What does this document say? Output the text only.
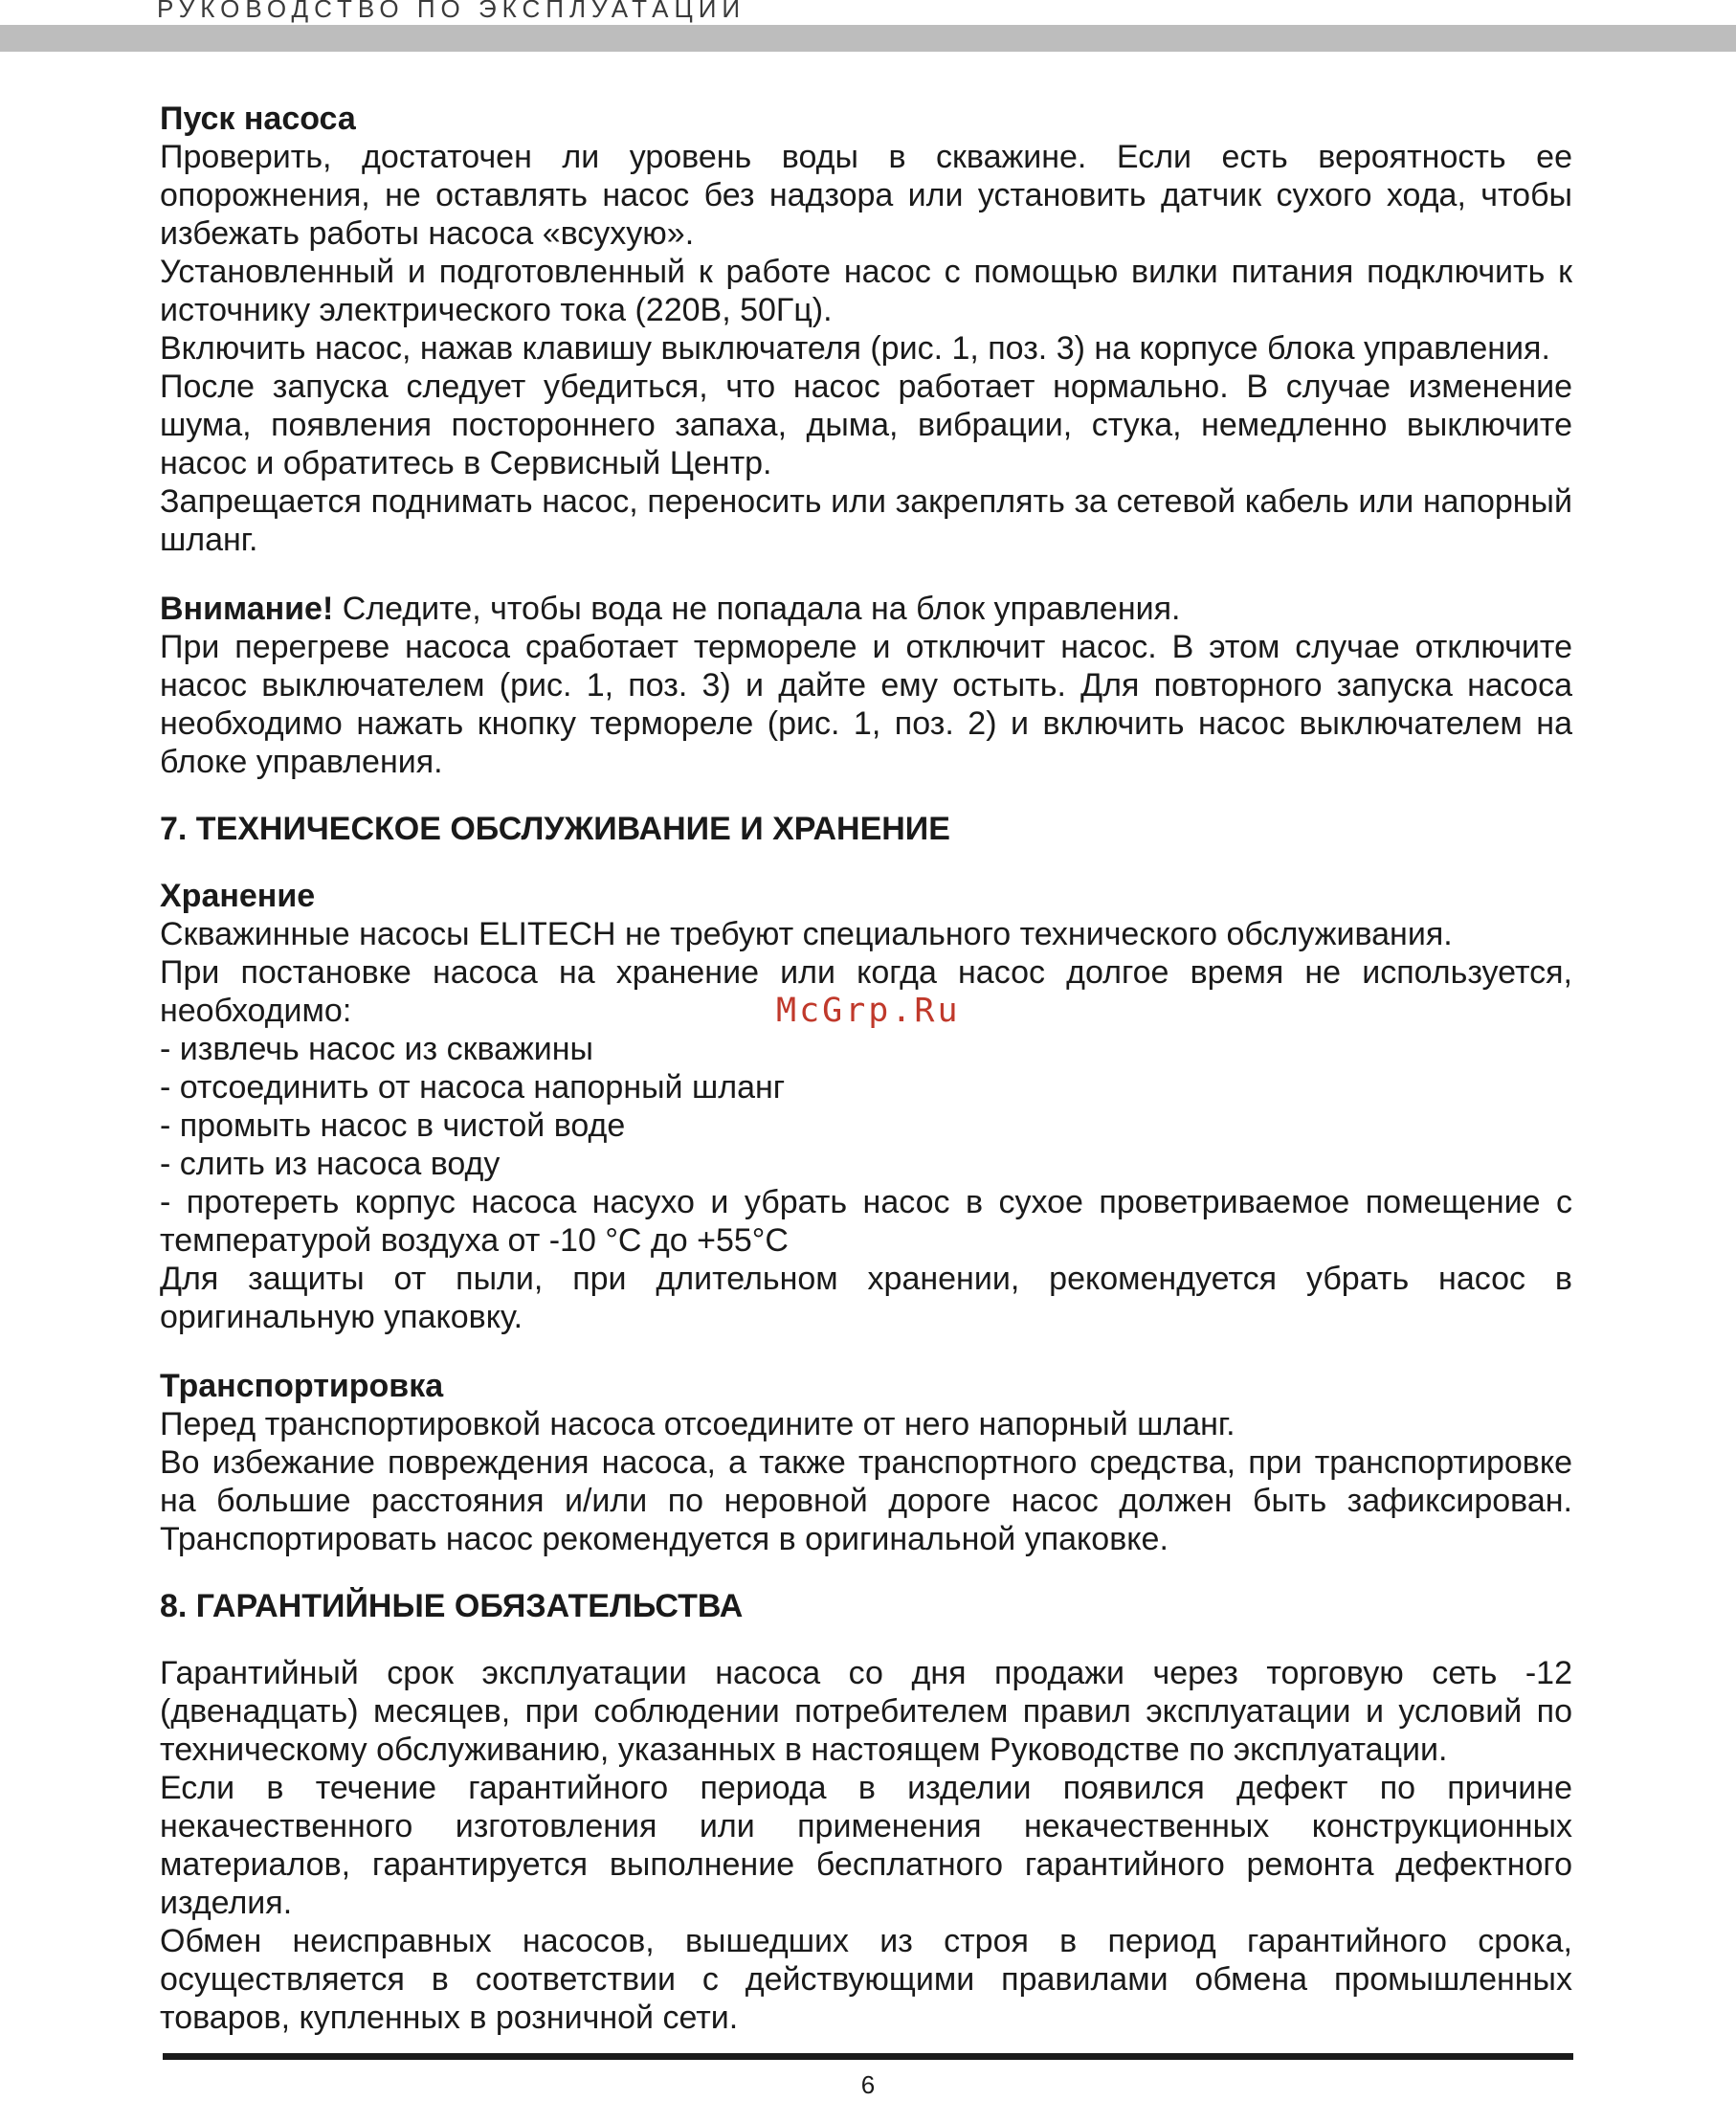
РУКОВОДСТВО ПО ЭКСПЛУАТАЦИИ

Пуск насоса

Проверить, достаточен ли уровень воды в скважине. Если есть вероятность ее опорожнения, не оставлять насос без надзора или установить датчик сухого хода, чтобы избежать работы насоса «всухую».

Установленный и подготовленный к работе насос с помощью вилки питания подключить к источнику электрического тока (220В, 50Гц).

Включить насос, нажав клавишу выключателя (рис. 1, поз. 3) на корпусе блока управления.

После запуска следует убедиться, что насос работает нормально. В случае изменение шума, появления постороннего запаха, дыма, вибрации, стука, немедленно выключите насос и обратитесь в Сервисный Центр.

Запрещается поднимать насос, переносить или закреплять за сетевой кабель или напорный шланг.

Внимание! Следите, чтобы вода не попадала на блок управления.

При перегреве насоса сработает термореле и отключит насос. В этом случае отключите насос выключателем (рис. 1, поз. 3) и дайте ему остыть. Для повторного запуска насоса необходимо нажать кнопку термореле (рис. 1, поз. 2) и включить насос выключателем на блоке управления.

7. ТЕХНИЧЕСКОЕ ОБСЛУЖИВАНИЕ И ХРАНЕНИЕ

Хранение

Скважинные насосы ELITECH не требуют специального технического обслуживания.

При постановке насоса на хранение или когда насос долгое время не используется, необходимо:

- извлечь насос из скважины

- отсоединить от насоса напорный шланг

- промыть насос в чистой воде

- слить из насоса воду

- протереть корпус насоса насухо и убрать насос в сухое проветриваемое помещение с температурой воздуха от -10 °С до +55°С

Для защиты от пыли, при длительном хранении, рекомендуется убрать насос в оригинальную упаковку.

Транспортировка

Перед транспортировкой насоса отсоедините от него напорный шланг.

Во избежание повреждения насоса, а также транспортного средства, при транспортировке на большие расстояния и/или по неровной дороге насос должен быть зафиксирован. Транспортировать насос рекомендуется в оригинальной упаковке.

8. ГАРАНТИЙНЫЕ ОБЯЗАТЕЛЬСТВА

Гарантийный срок эксплуатации насоса со дня продажи через торговую сеть -12 (двенадцать) месяцев, при соблюдении потребителем правил эксплуатации и условий по техническому обслуживанию, указанных в настоящем Руководстве по эксплуатации.

Если в течение гарантийного периода в изделии появился дефект по причине некачественного изготовления или применения некачественных конструкционных материалов, гарантируется выполнение бесплатного гарантийного ремонта дефектного изделия.

Обмен неисправных насосов, вышедших из строя в период гарантийного срока, осуществляется в соответствии с действующими правилами обмена промышленных товаров, купленных в розничной сети.

McGrp.Ru
6
